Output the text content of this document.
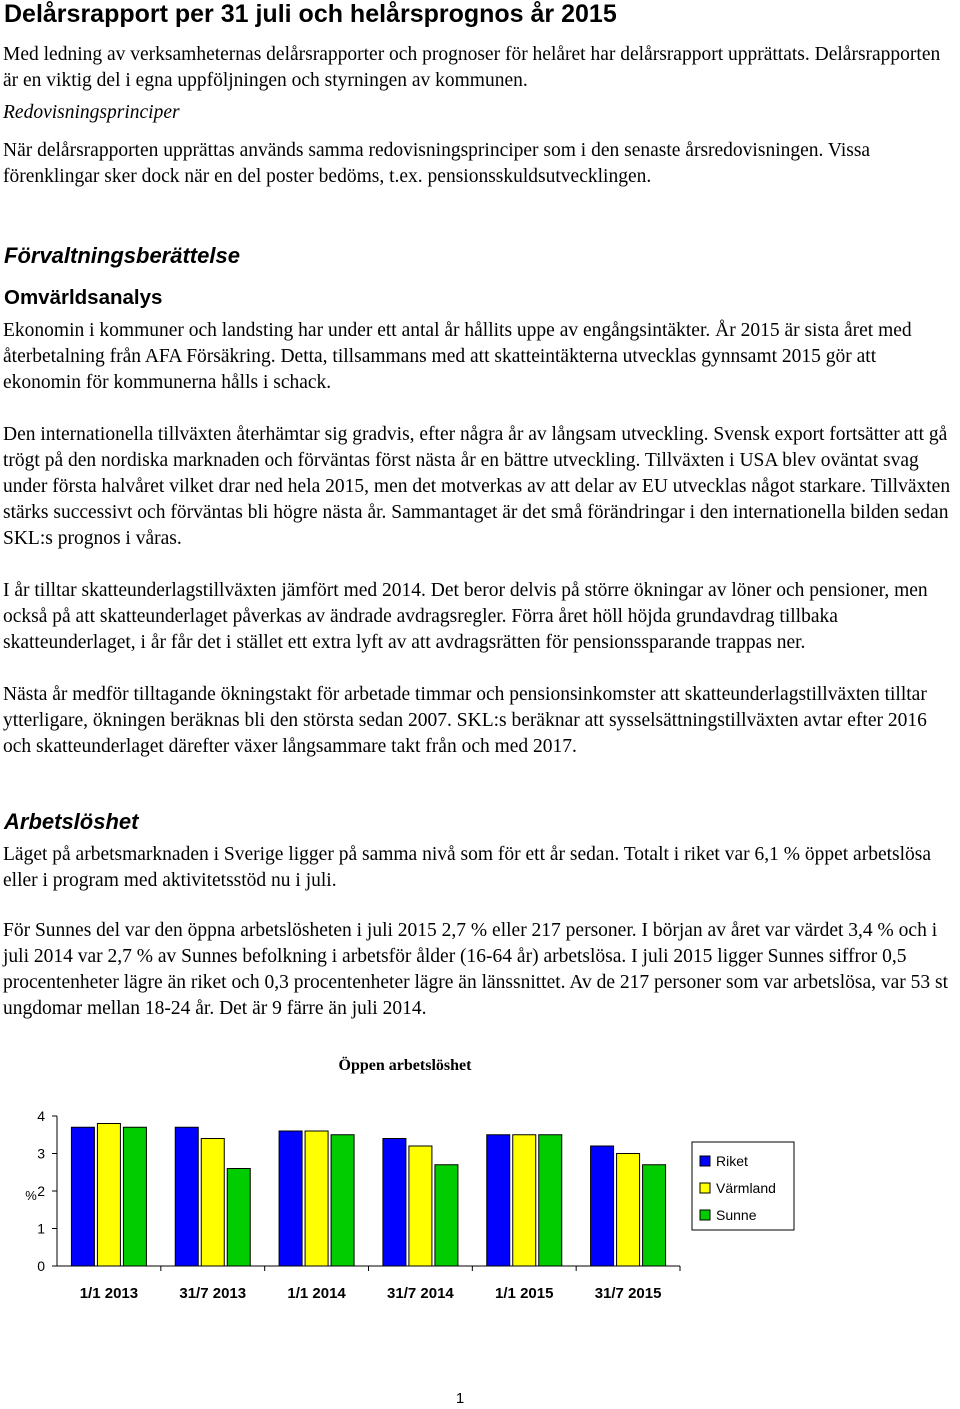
Delårsrapport per 31 juli och helårsprognos år 2015

Med ledning av verksamheternas delårsrapporter och prognoser för helåret har delårsrapport upprättats. Delårsrapporten är en viktig del i egna uppföljningen och styrningen av kommunen.

Redovisningsprinciper

När delårsrapporten upprättas används samma redovisningsprinciper som i den senaste årsredovisningen. Vissa förenklingar sker dock när en del poster bedöms, t.ex. pensionsskuldsutvecklingen.

Förvaltningsberättelse
Omvärldsanalys

Ekonomin i kommuner och landsting har under ett antal år hållits uppe av engångsintäkter. År 2015 är sista året med återbetalning från AFA Försäkring. Detta, tillsammans med att skatteintäkterna utvecklas gynnsamt 2015 gör att ekonomin för kommunerna hålls i schack.

Den internationella tillväxten återhämtar sig gradvis, efter några år av långsam utveckling. Svensk export fortsätter att gå trögt på den nordiska marknaden och förväntas först nästa år en bättre utveckling. Tillväxten i USA blev oväntat svag under första halvåret vilket drar ned hela 2015, men det motverkas av att delar av EU utvecklas något starkare. Tillväxten stärks successivt och förväntas bli högre nästa år. Sammantaget är det små förändringar i den internationella bilden sedan SKL:s prognos i våras.

I år tilltar skatteunderlagstillväxten jämfört med 2014. Det beror delvis på större ökningar av löner och pensioner, men också på att skatteunderlaget påverkas av ändrade avdragsregler. Förra året höll höjda grundavdrag tillbaka skatteunderlaget, i år får det i stället ett extra lyft av att avdragsrätten för pensionssparande trappas ner.

Nästa år medför tilltagande ökningstakt för arbetade timmar och pensionsinkomster att skatteunderlagstillväxten tilltar ytterligare, ökningen beräknas bli den största sedan 2007. SKL:s beräknar att sysselsättningstillväxten avtar efter 2016 och skatteunderlaget därefter växer långsammare takt från och med 2017.

Arbetslöshet

Läget på arbetsmarknaden i Sverige ligger på samma nivå som för ett år sedan. Totalt i riket var 6,1 % öppet arbetslösa eller i program med aktivitetsstöd nu i juli.

För Sunnes del var den öppna arbetslösheten i juli 2015 2,7 % eller 217 personer. I början av året var värdet 3,4 % och i juli 2014 var 2,7 % av Sunnes befolkning i arbetsför ålder (16-64 år) arbetslösa. I juli 2015 ligger Sunnes siffror 0,5 procentenheter lägre än riket och 0,3 procentenheter lägre än länssnittet. Av de 217 personer som var arbetslösa, var 53 st ungdomar mellan 18-24 år. Det är 9 färre än juli 2014.

Öppen arbetslöshet
0
1
2
3
4
%
1/1 2013	31/7 2013	1/1 2014	31/7 2014	1/1 2015	31/7 2015
Riket
Värmland
Sunne
1
